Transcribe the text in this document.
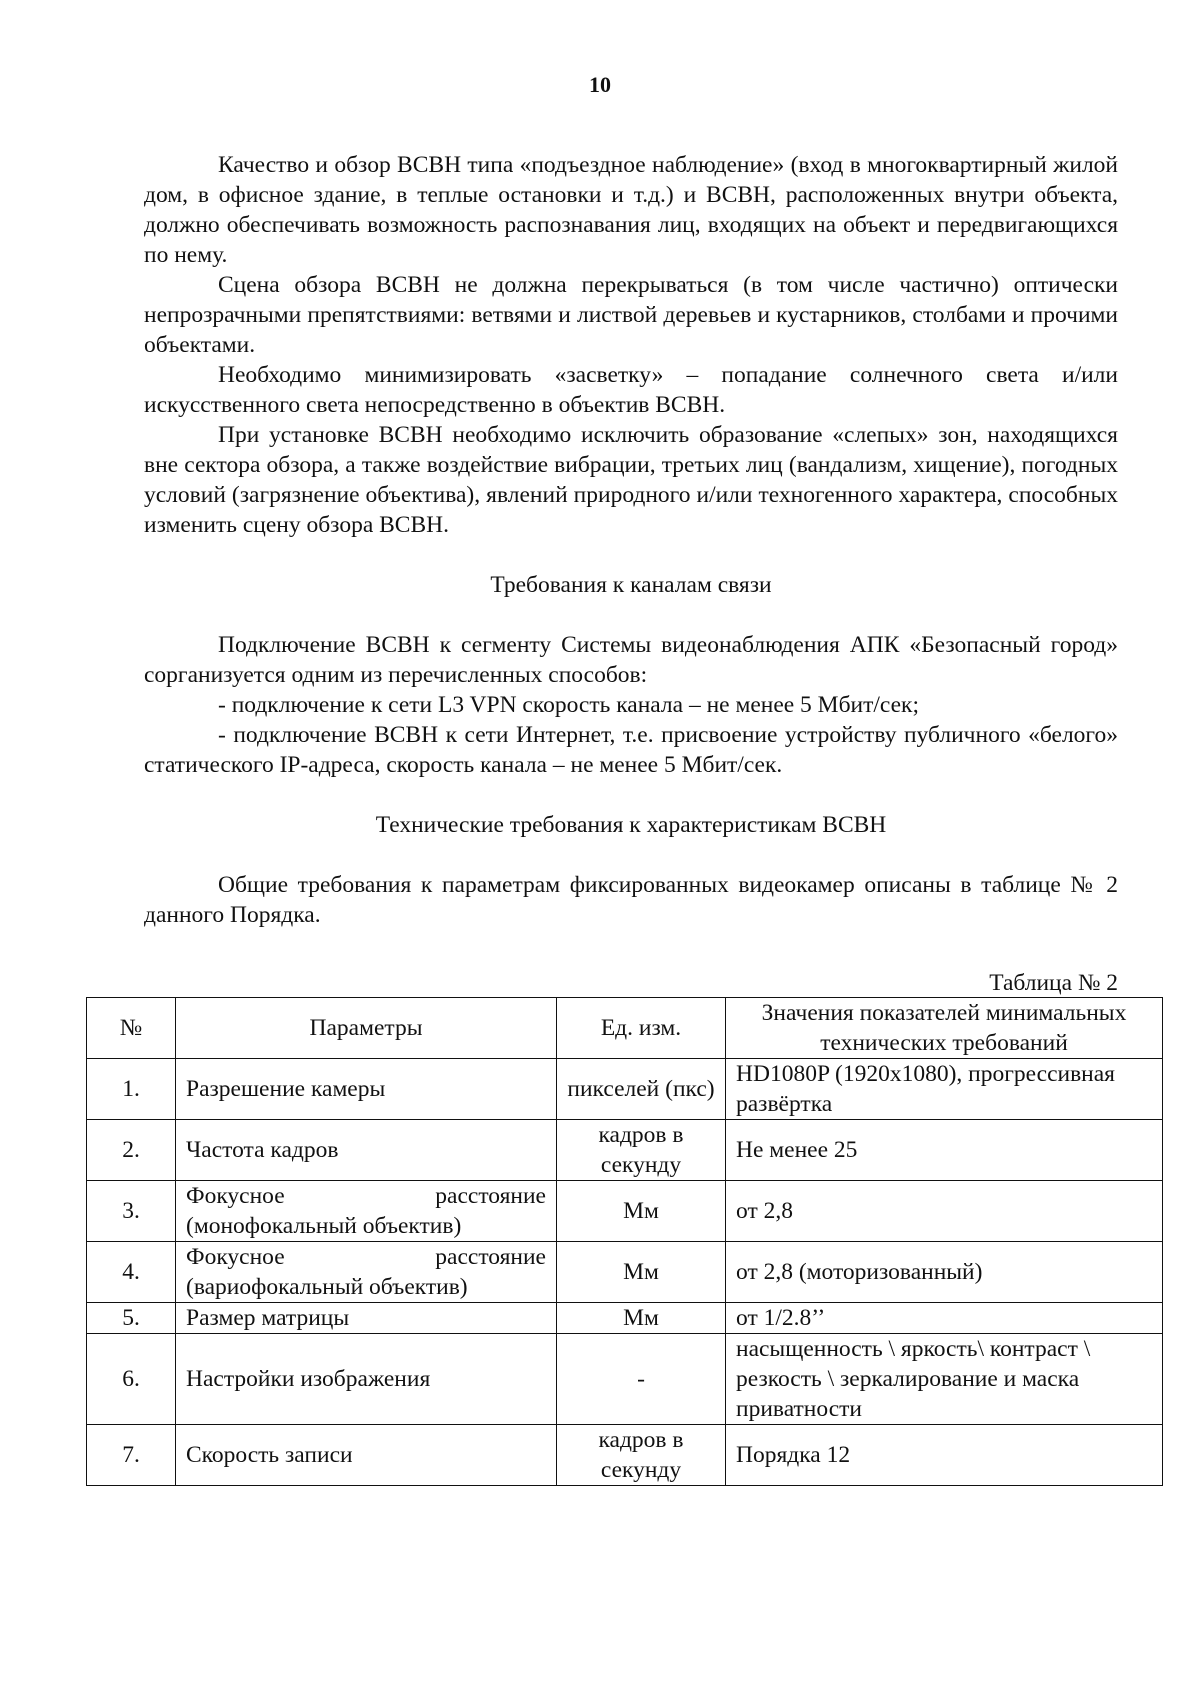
10

Качество и обзор ВСВН типа «подъездное наблюдение» (вход в многоквартирный жилой дом, в офисное здание, в теплые остановки и т.д.) и ВСВН, расположенных внутри объекта, должно обеспечивать возможность распознавания лиц, входящих на объект и передвигающихся по нему.

Сцена обзора ВСВН не должна перекрываться (в том числе частично) оптически непрозрачными препятствиями: ветвями и листвой деревьев и кустарников, столбами и прочими объектами.

Необходимо минимизировать «засветку» – попадание солнечного света и/или искусственного света непосредственно в объектив ВСВН.

При установке ВСВН необходимо исключить образование «слепых» зон, находящихся вне сектора обзора, а также воздействие вибрации, третьих лиц (вандализм, хищение), погодных условий (загрязнение объектива), явлений природного и/или техногенного характера, способных изменить сцену обзора ВСВН.

Требования к каналам связи

Подключение ВСВН к сегменту Системы видеонаблюдения АПК «Безопасный город» сорганизуется одним из перечисленных способов:

- подключение к сети L3 VPN скорость канала – не менее 5 Мбит/сек;

- подключение ВСВН к сети Интернет, т.е. присвоение устройству публичного «белого» статического IP-адреса, скорость канала – не менее 5 Мбит/сек.

Технические требования к характеристикам ВСВН

Общие требования к параметрам фиксированных видеокамер описаны в таблице № 2 данного Порядка.

Таблица № 2
№	Параметры	Ед. изм.	Значения показателей минимальных технических требований
1.	Разрешение камеры	пикселей (пкс)	HD1080P (1920x1080), прогрессивная развёртка
2.	Частота кадров	кадров в секунду	Не менее 25
3.	Фокусное расстояние (монофокальный объектив)	Мм	от 2,8
4.	Фокусное расстояние (вариофокальный объектив)	Мм	от 2,8 (моторизованный)
5.	Размер матрицы	Мм	от 1/2.8’’
6.	Настройки изображения	-	насыщенность \ яркость\ контраст \ резкость \ зеркалирование и маска приватности
7.	Скорость записи	кадров в секунду	Порядка 12
